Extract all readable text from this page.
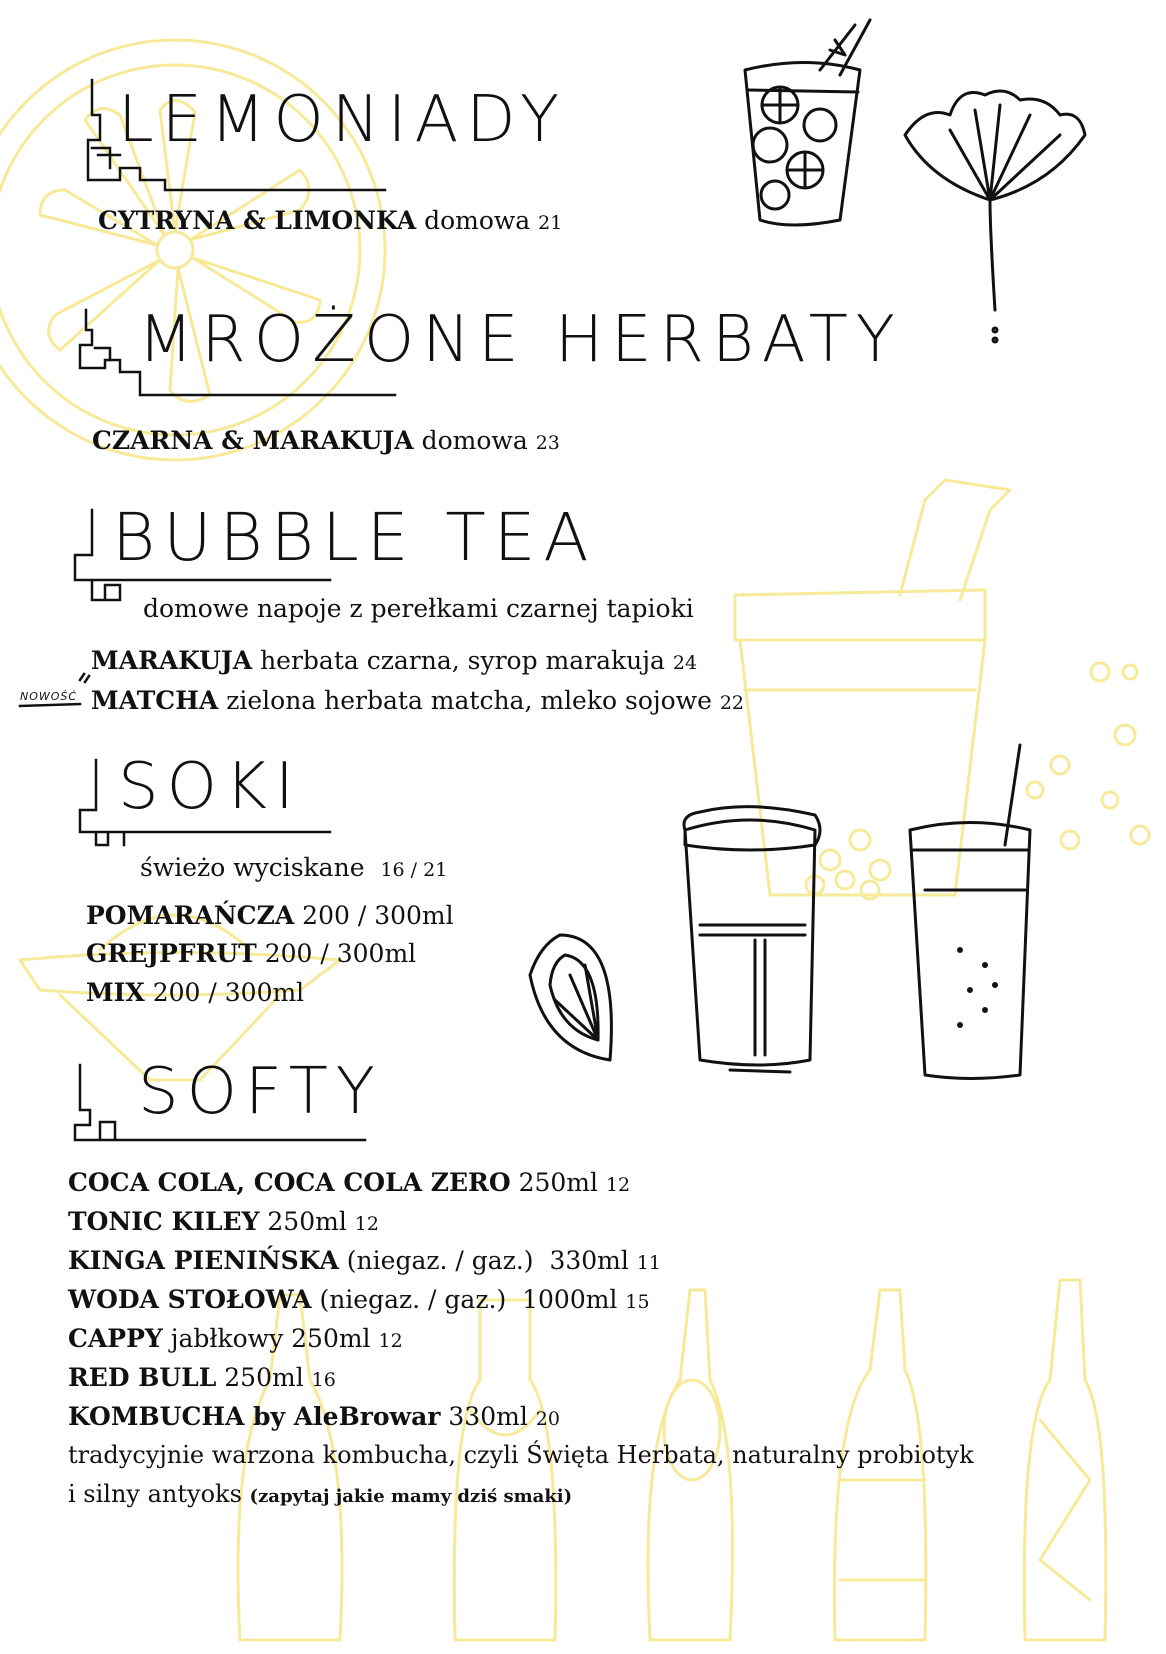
LEMONIADY
CYTRYNA & LIMONKA domowa 21
MROŻONE HERBATY
CZARNA & MARAKUJA domowa 23
BUBBLE TEA
domowe napoje z perełkami czarnej tapioki
MARAKUJA herbata czarna, syrop marakuja 24
NOWOŚĆ MATCHA zielona herbata matcha, mleko sojowe 22
SOKI
świeżo wyciskane 16 / 21
POMARAŃCZA 200 / 300ml
GREJPFRUT 200 / 300ml
MIX 200 / 300ml
SOFTY
COCA COLA, COCA COLA ZERO 250ml 12
TONIC KILEY 250ml 12
KINGA PIENIŃSKA (niegaz. / gaz.)  330ml 11
WODA STOŁOWA (niegaz. / gaz.)  1000ml 15
CAPPY jabłkowy 250ml 12
RED BULL 250ml 16
KOMBUCHA by AleBrowar 330ml 20
tradycyjnie warzona kombucha, czyli Święta Herbata, naturalny probiotyk
i silny antyoks (zapytaj jakie mamy dziś smaki)
